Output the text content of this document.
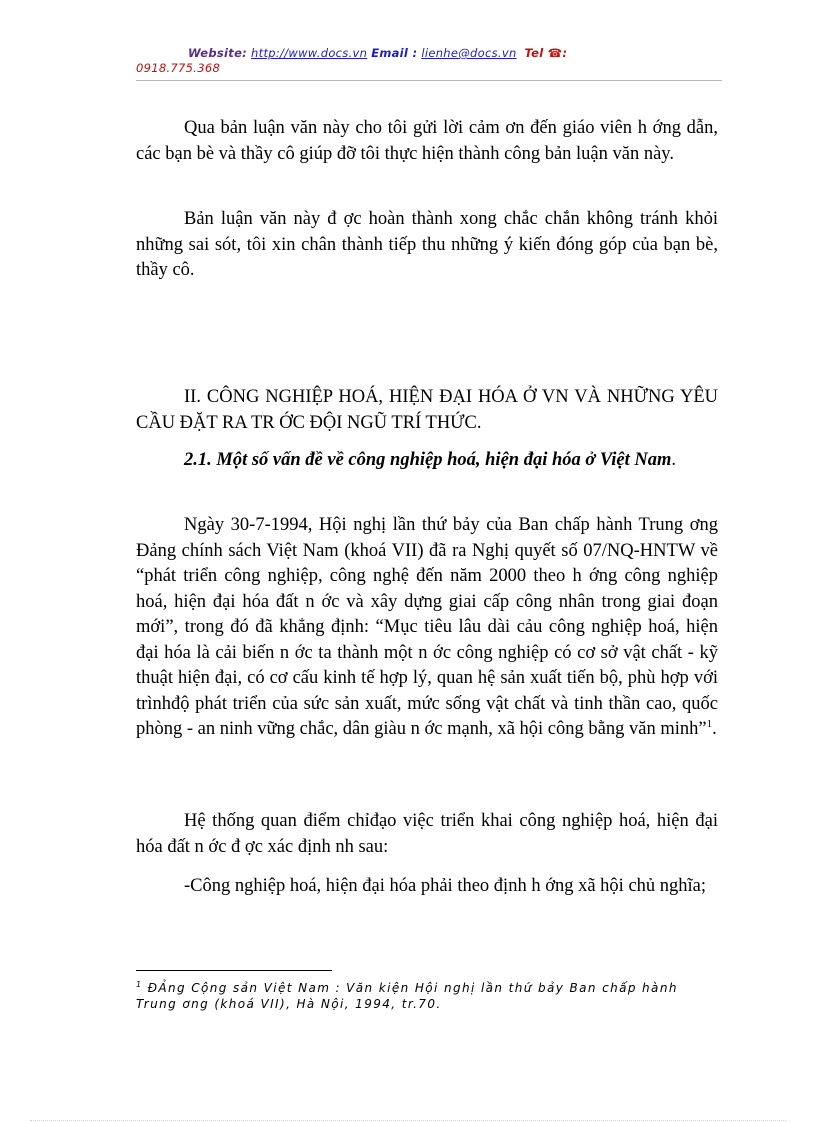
Website: http://www.docs.vn Email : lienhe@docs.vn Tel ☎:
0918.775.368

Qua bản luận văn này cho tôi gửi lời cảm ơn đến giáo viên h ớng dẫn, các bạn bè và thầy cô giúp đỡ tôi thực hiện thành công bản luận văn này.

Bản luận văn này đ ợc hoàn thành xong chắc chắn không tránh khỏi những sai sót, tôi xin chân thành tiếp thu những ý kiến đóng góp của bạn bè, thầy cô.

II. CÔNG NGHIỆP HOÁ, HIỆN ĐẠI HÓA Ở VN VÀ NHỮNG YÊU CẦU ĐẶT RA TR ỚC ĐỘI NGŨ TRÍ THỨC.

2.1. Một số vấn đề về công nghiệp hoá, hiện đại hóa ở Việt Nam.

Ngày 30-7-1994, Hội nghị lần thứ bảy của Ban chấp hành Trung ơng Đảng chính sách Việt Nam (khoá VII) đã ra Nghị quyết số 07/NQ-HNTW về “phát triển công nghiệp, công nghệ đến năm 2000 theo h ớng công nghiệp hoá, hiện đại hóa đất n ớc và xây dựng giai cấp công nhân trong giai đoạn mới”, trong đó đã khẳng định: “Mục tiêu lâu dài cảu công nghiệp hoá, hiện đại hóa là cải biến n ớc ta thành một n ớc công nghiệp có cơ sở vật chất - kỹ thuật hiện đại, có cơ cấu kinh tế hợp lý, quan hệ sản xuất tiến bộ, phù hợp với trìnhđộ phát triển của sức sản xuất, mức sống vật chất và tinh thần cao, quốc phòng - an ninh vững chắc, dân giàu n ớc mạnh, xã hội công bằng văn minh”$^1$.

Hệ thống quan điểm chỉđạo việc triển khai công nghiệp hoá, hiện đại hóa đất n ớc đ ợc xác định nh sau:

-Công nghiệp hoá, hiện đại hóa phải theo định h ớng xã hội chủ nghĩa;

$^1$ ĐẢng Cộng sản Việt Nam : Văn kiện Hội nghị lần thứ bảy Ban chấp hành Trung ơng (khoá VII), Hà Nội, 1994, tr.70.
